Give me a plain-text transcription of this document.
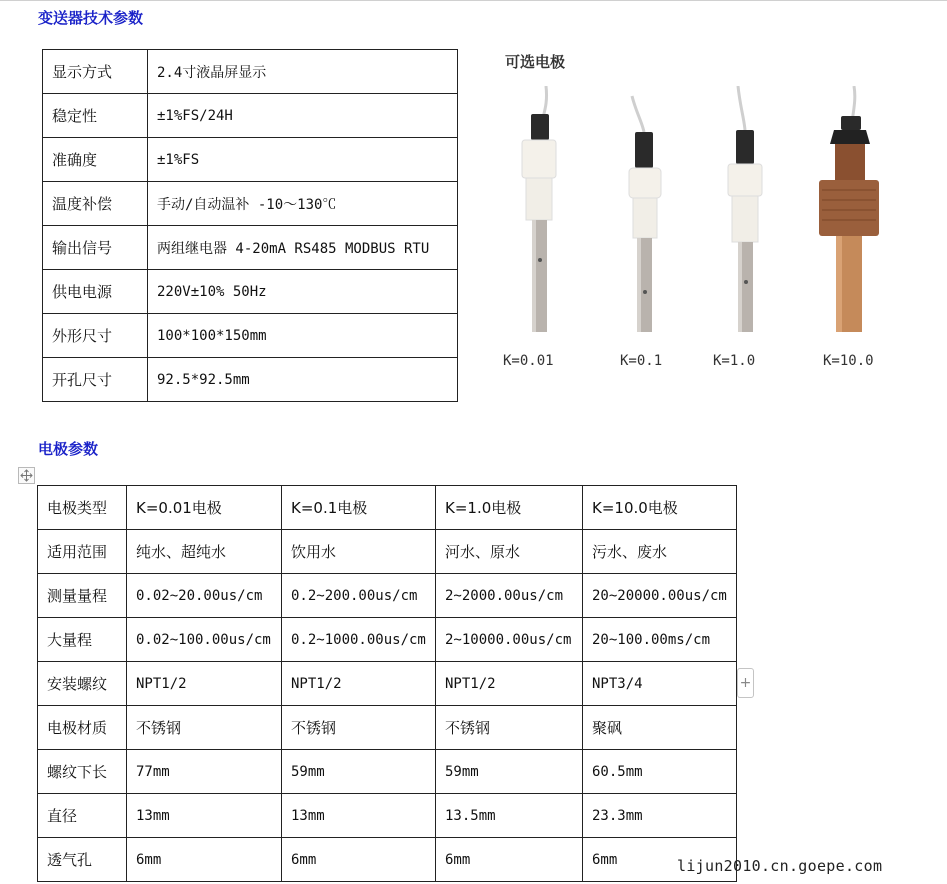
变送器技术参数
显示方式	2.4寸液晶屏显示
稳定性	±1%FS/24H
准确度	±1%FS
温度补偿	手动/自动温补 -10～130℃
输出信号	两组继电器 4-20mA RS485 MODBUS RTU
供电电源	220V±10% 50Hz
外形尺寸	100*100*150mm
开孔尺寸	92.5*92.5mm
可选电极
K=0.01	K=0.1	K=1.0	K=10.0
电极参数
电极类型	K=0.01电极	K=0.1电极	K=1.0电极	K=10.0电极
适用范围	纯水、超纯水	饮用水	河水、原水	污水、废水
测量量程	0.02~20.00us/cm	0.2~200.00us/cm	2~2000.00us/cm	20~20000.00us/cm
大量程	0.02~100.00us/cm	0.2~1000.00us/cm	2~10000.00us/cm	20~100.00ms/cm
安装螺纹	NPT1/2	NPT1/2	NPT1/2	NPT3/4
电极材质	不锈钢	不锈钢	不锈钢	聚砜
螺纹下长	77mm	59mm	59mm	60.5mm
直径	13mm	13mm	13.5mm	23.3mm
透气孔	6mm	6mm	6mm	6mm
+
lijun2010.cn.goepe.com
